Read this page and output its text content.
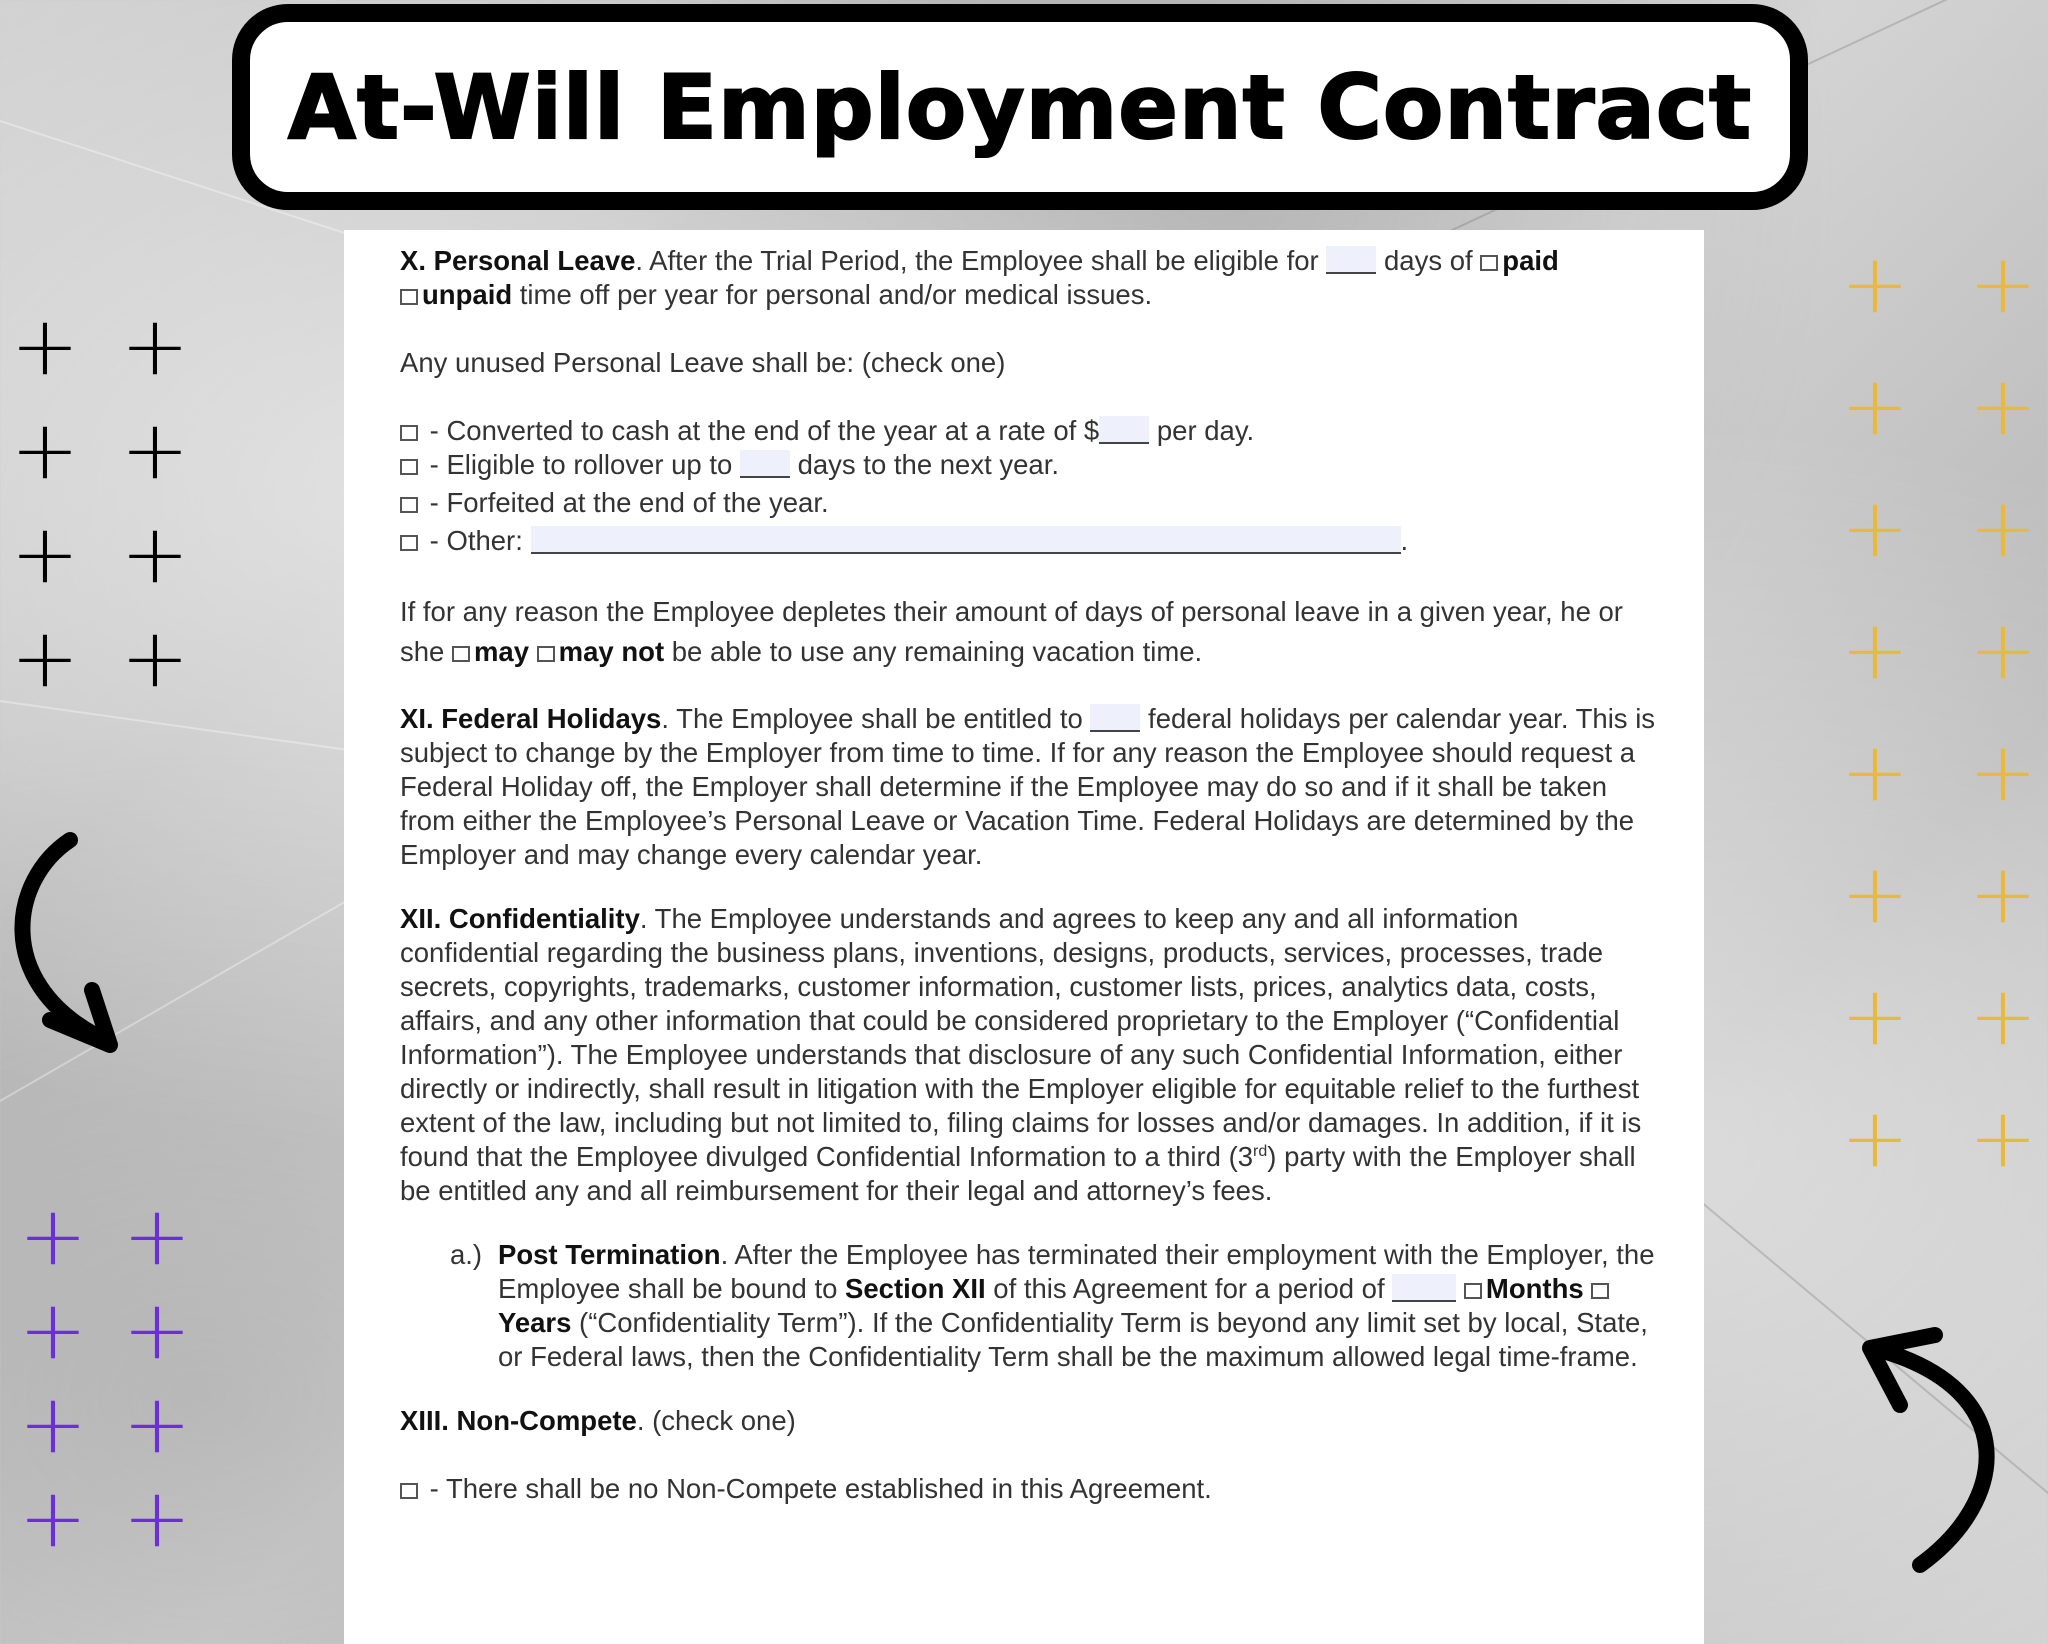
At-Will Employment Contract
+ +
+ +
+ +
+ +
+ +
+ +
+ +
+ +
+ +
+ +
+ +
+ +
+ +
+ +
+ +
+ +

X. Personal Leave. After the Trial Period, the Employee shall be eligible for  days of paid
unpaid time off per year for personal and/or medical issues.

Any unused Personal Leave shall be: (check one)

- Converted to cash at the end of the year at a rate of $ per day.

- Eligible to rollover up to  days to the next year.

- Forfeited at the end of the year.

- Other:	.

If for any reason the Employee depletes their amount of days of personal leave in a given year, he or she may may not be able to use any remaining vacation time.

XI. Federal Holidays. The Employee shall be entitled to  federal holidays per calendar year. This is subject to change by the Employer from time to time. If for any reason the Employee should request a Federal Holiday off, the Employer shall determine if the Employee may do so and if it shall be taken from either the Employee’s Personal Leave or Vacation Time. Federal Holidays are determined by the Employer and may change every calendar year.

XII. Confidentiality. The Employee understands and agrees to keep any and all information confidential regarding the business plans, inventions, designs, products, services, processes, trade secrets, copyrights, trademarks, customer information, customer lists, prices, analytics data, costs, affairs, and any other information that could be considered proprietary to the Employer (“Confidential Information”). The Employee understands that disclosure of any such Confidential Information, either directly or indirectly, shall result in litigation with the Employer eligible for equitable relief to the furthest extent of the law, including but not limited to, filing claims for losses and/or damages. In addition, if it is found that the Employee divulged Confidential Information to a third (3rd) party with the Employer shall be entitled any and all reimbursement for their legal and attorney’s fees.

a.) Post Termination. After the Employee has terminated their employment with the Employer, the Employee shall be bound to Section XII of this Agreement for a period of	Months Years (“Confidentiality Term”). If the Confidentiality Term is beyond any limit set by local, State, or Federal laws, then the Confidentiality Term shall be the maximum allowed legal time-frame.

XIII. Non-Compete. (check one)

- There shall be no Non-Compete established in this Agreement.
